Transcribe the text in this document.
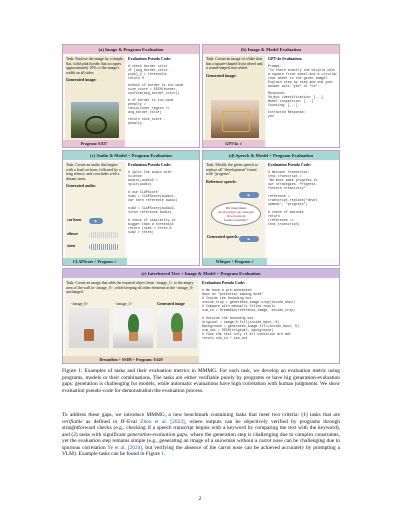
(a) Image & Program Evaluation
Task: Enclose the image by a simple, flat, solid pink border that occupies approximately 10% of the image's width on all sides.
Generated image:
Evaluation Pseudo Code:
# check border color
if [avg_border_color -
pink]_2 < threshold:
return 0
#check if border is too wide
size_score = SSIM(border,
uniform(avg_border_color))
# if border is too wide
penalty =
ratio(inner_region <=
avg_border_color)
return size_score -
penalty
Program: 0.827
(b) Image & Model Evaluation
Task: Create an image of a bike that has a square-shaped front wheel and a round-shaped rear wheel.
Generated image:
GPT-4o Evaluation:
Prompt:
"Is there exactly one bicycle with a square front wheel and a circular rear wheel in the given image? Explain step by step and end your answer with "yes" or "no".
Response:
Object identification: [...]
Wheel inspection: [...]
Counting: [...]
Extracted Response:
yes
GPT-4o ✓
(c) Audio & Model + Program Evaluation
Task: Create an audio that begins with a loud car horn, followed by a long silence, and concludes with a distant siren.
Generated audio:
car horn	▶
silence
siren
Evaluation Pseudo Code:
# split the audio with
silence
audio1,audio2 =
split(audio)

# use CLAPScore
sim1 = CLAPScore(audio1,
car horn reference audio)

sim2 = CLAPScore(audio2,
siren reference audio)

# check if similarity is
bigger than a threshold
return (sim1 > thres &
sim2 > thres)
CLAPScore + Program ✓
(d) Speech & Model + Program Evaluation
Task: Modify the given speech to replace all "development" found with "progress".
Reference speech:
▶
We must make
development our strategic Development
fosters creativity"
Generated speech:	▶
Evaluation Pseudo Code:
# Whisper transcript:
test_transcript =
"We must make progress to
our strategies. Progress
fosters creativity"

reference =
transcript.replace("devel
opment", "progress")

# check if matches
return
(reference ==
test_transcript)
Whisper + Program ✓
(e) Interleaved Text + Image & Model + Program Evaluation
Task: Create an image that adds the required object from <image_1> to the empty area of the wall in <image_0>, while keeping all other elements in the <image_0> unchanged.
<image_0>	<image_1>	Generated image
Evaluation Pseudo Code:
# We have a pre-annotated
bbox as "potential adding area"
# Inside the bounding box
inside_crop = generated_image.crop(inside_bbox)
# Compare with manually filled result
sim_in = DreamSim(reference_image, inside_crop)

# Outside the bounding box
original = image_0.fill(inside_bbox, 0)
Background = generated_image.fill(inside_bbox, 0)
sim_out = SSIM(original, background)
# fuse the test only if all condition are met
return sim_in * sim_out
DreamSim + SSIM + Program: 0.629
Figure 1: Examples of tasks and their evaluation metrics in MMMG. For each task, we develop an evaluation metric using programs, models or their combinations. The tasks are either verifiable purely by programs or have big generation-evaluation gaps: generation is challenging for models, while automatic evaluations have high correlation with human judgments. We show evaluation pseudo-code for demonstration the evaluation process.
To address these gaps, we introduce MMMG, a new benchmark containing tasks that meet two criteria: (1) tasks that are verifiable as defined in IF-Eval Zhou et al. [2023], where outputs can be objectively verified by programs through straightforward checks (e.g., checking if a speech transcript begins with a keyword by comparing the text with the keyword), and (2) tasks with significant generation-evaluation gaps, where the generation step is challenging due to complex constraints, yet the evaluation step remains simple (e.g., generating an image of a snowman without a carrot nose can be challenging due to spurious correlation Ye et al. [2024], but verifying the absence of the carrot nose can be achieved accurately by prompting a VLM). Example tasks can be found in Figure 1.
2
